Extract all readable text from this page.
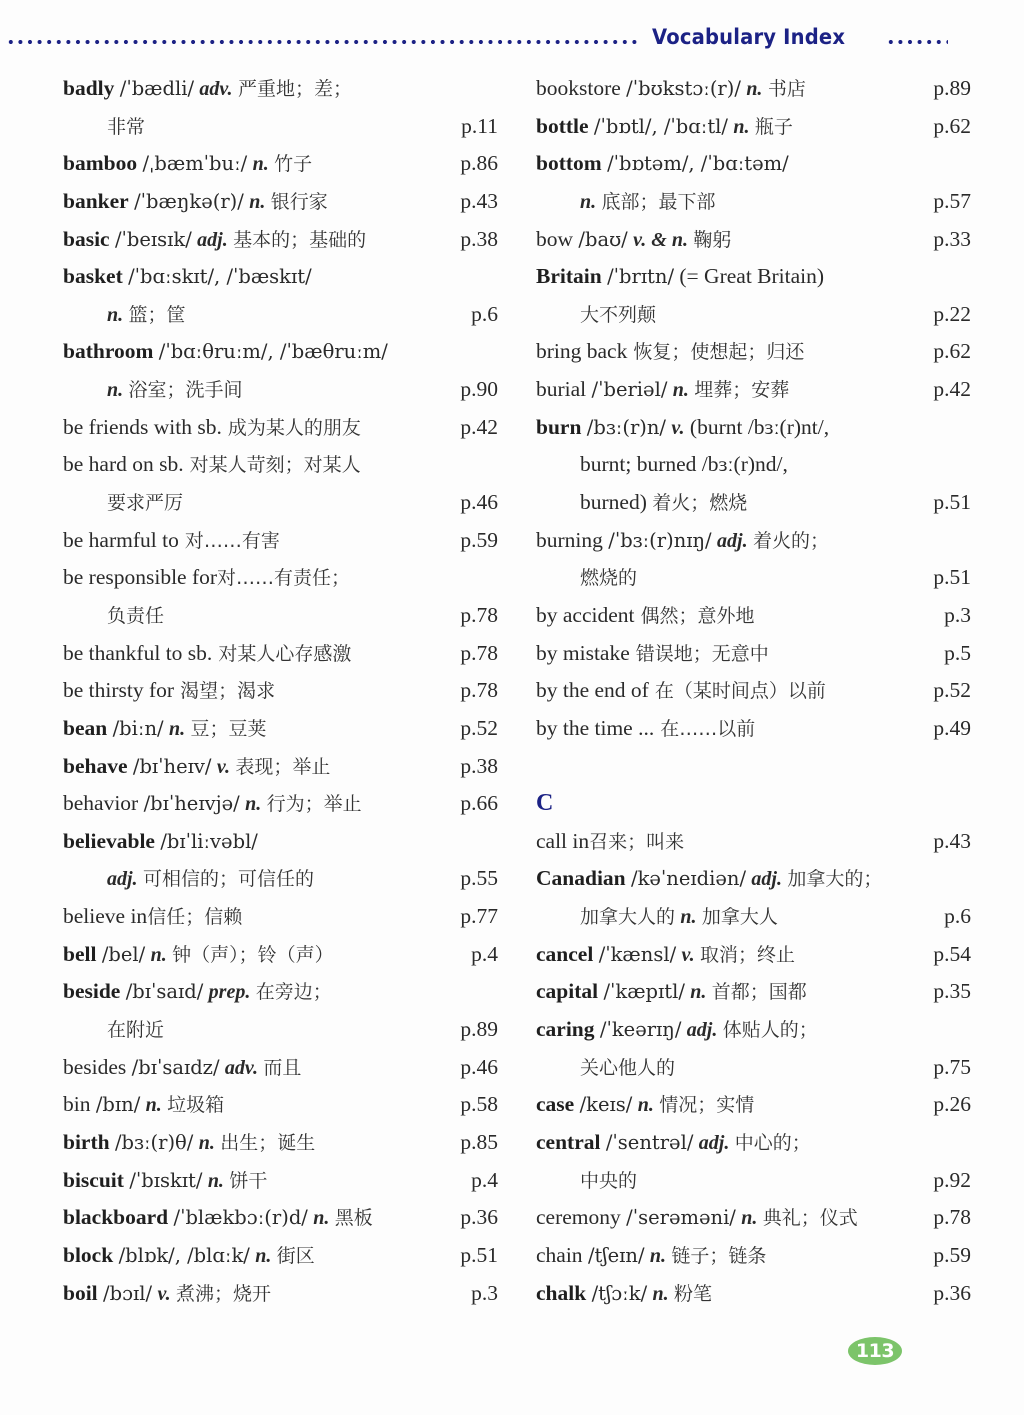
Vocabulary Index
badly /ˈbædli/ adv. 严重地；差；
非常	p.11
bamboo /ˌbæmˈbuː/ n. 竹子	p.86
banker /ˈbæŋkə(r)/ n. 银行家	p.43
basic /ˈbeɪsɪk/ adj. 基本的；基础的	p.38
basket /ˈbɑːskɪt/, /ˈbæskɪt/
n. 篮；筐	p.6
bathroom /ˈbɑːθruːm/, /ˈbæθruːm/
n. 浴室；洗手间	p.90
be friends with sb. 成为某人的朋友	p.42
be hard on sb. 对某人苛刻；对某人
要求严厉	p.46
be harmful to 对……有害	p.59
be responsible for对……有责任；
负责任	p.78
be thankful to sb. 对某人心存感激	p.78
be thirsty for 渴望；渴求	p.78
bean /biːn/ n. 豆；豆荚	p.52
behave /bɪˈheɪv/ v. 表现；举止	p.38
behavior /bɪˈheɪvjə/ n. 行为；举止	p.66
believable /bɪˈliːvəbl/
adj. 可相信的；可信任的	p.55
believe in信任；信赖	p.77
bell /bel/ n. 钟（声）；铃（声）	p.4
beside /bɪˈsaɪd/ prep. 在旁边；
在附近	p.89
besides /bɪˈsaɪdz/ adv. 而且	p.46
bin /bɪn/ n. 垃圾箱	p.58
birth /bɜː(r)θ/ n. 出生；诞生	p.85
biscuit /ˈbɪskɪt/ n. 饼干	p.4
blackboard /ˈblækbɔː(r)d/ n. 黑板	p.36
block /blɒk/, /blɑːk/ n. 街区	p.51
boil /bɔɪl/ v. 煮沸；烧开	p.3
bookstore /ˈbʊkstɔː(r)/ n. 书店	p.89
bottle /ˈbɒtl/, /ˈbɑːtl/ n. 瓶子	p.62
bottom /ˈbɒtəm/, /ˈbɑːtəm/
n. 底部；最下部	p.57
bow /baʊ/ v. & n. 鞠躬	p.33
Britain /ˈbrɪtn/ (= Great Britain)
大不列颠	p.22
bring back 恢复；使想起；归还	p.62
burial /ˈberiəl/ n. 埋葬；安葬	p.42
burn /bɜː(r)n/ v. (burnt /bɜː(r)nt/,
burnt; burned /bɜː(r)nd/,
burned) 着火；燃烧	p.51
burning /ˈbɜː(r)nɪŋ/ adj. 着火的；
燃烧的	p.51
by accident 偶然；意外地	p.3
by mistake 错误地；无意中	p.5
by the end of 在（某时间点）以前	p.52
by the time ... 在……以前	p.49
C
call in召来；叫来	p.43
Canadian /kəˈneɪdiən/ adj. 加拿大的；
加拿大人的 n. 加拿大人	p.6
cancel /ˈkænsl/ v. 取消；终止	p.54
capital /ˈkæpɪtl/ n. 首都；国都	p.35
caring /ˈkeərɪŋ/ adj. 体贴人的；
关心他人的	p.75
case /keɪs/ n. 情况；实情	p.26
central /ˈsentrəl/ adj. 中心的；
中央的	p.92
ceremony /ˈserəməni/ n. 典礼；仪式	p.78
chain /tʃeɪn/ n. 链子；链条	p.59
chalk /tʃɔːk/ n. 粉笔	p.36
113
